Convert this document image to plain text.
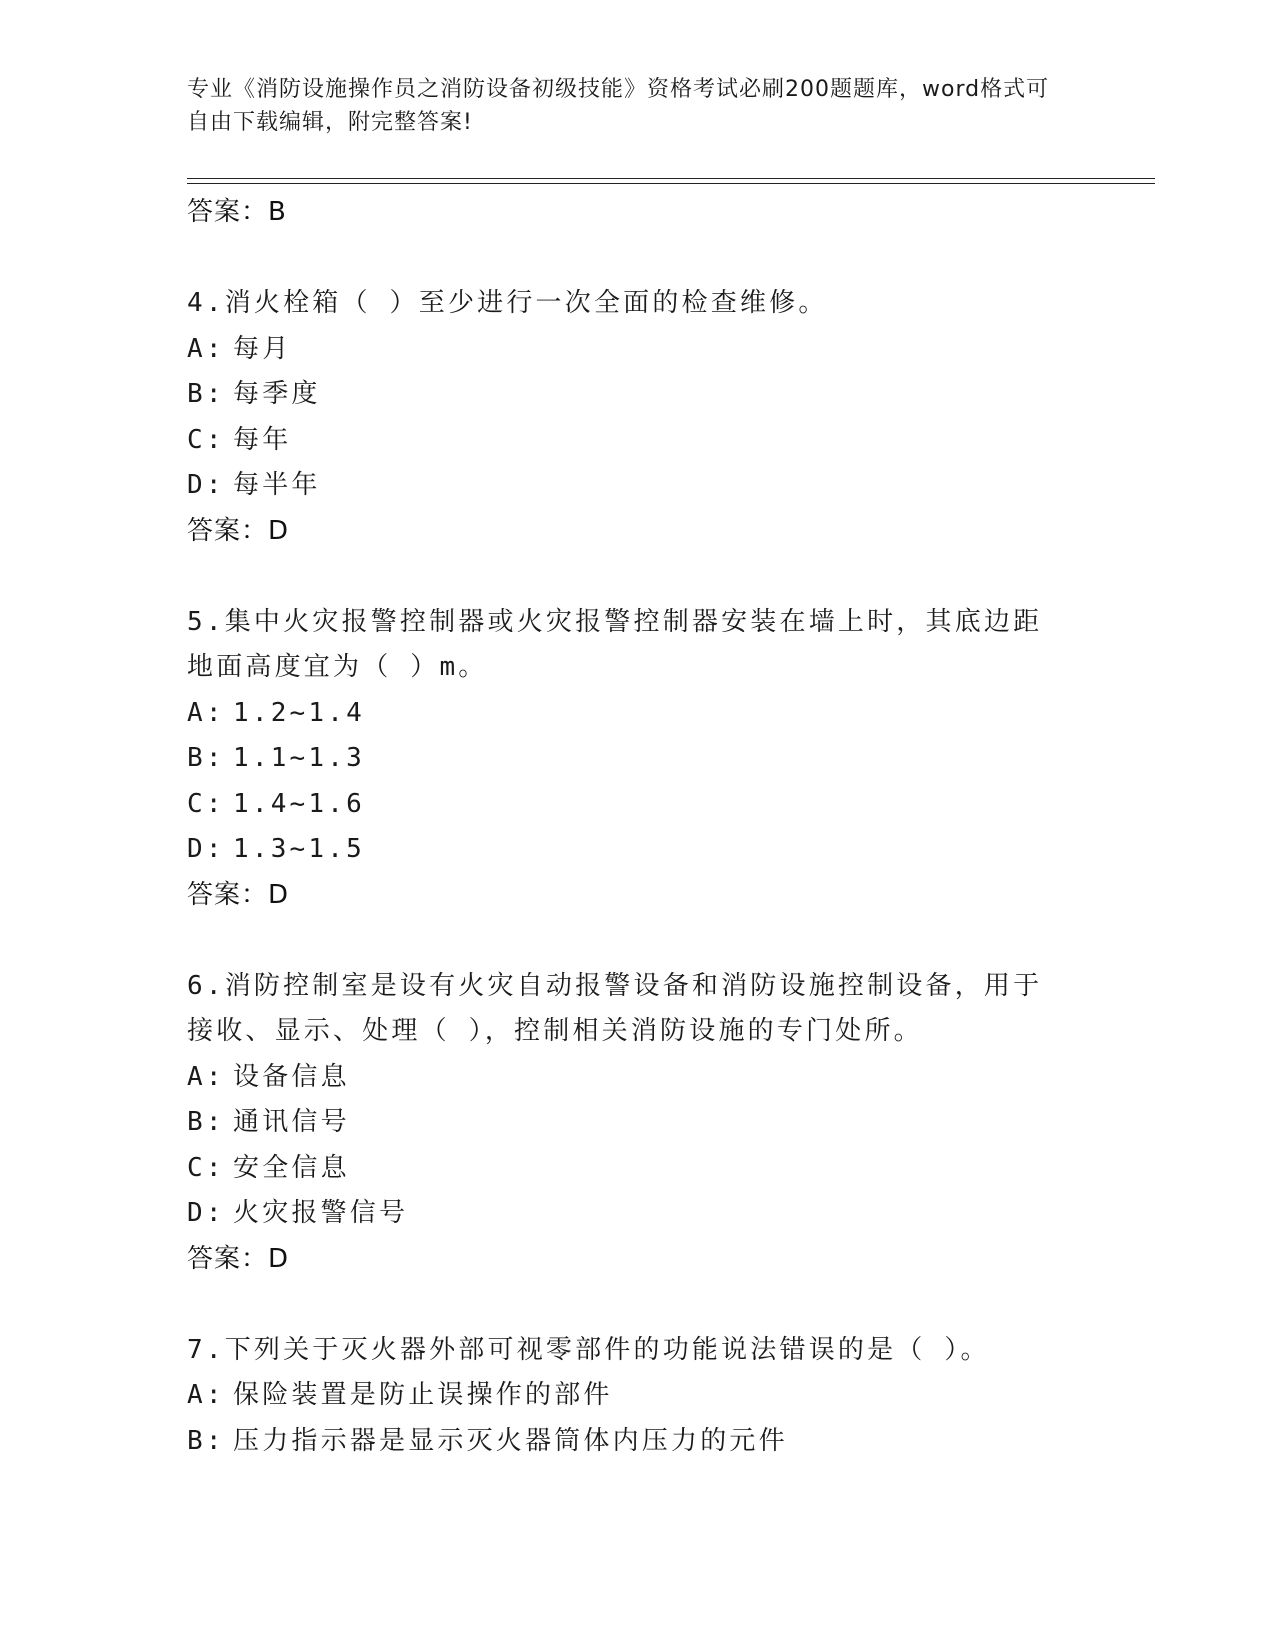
专业《消防设施操作员之消防设备初级技能》资格考试必刷200题题库，word格式可自由下载编辑，附完整答案!
答案：B
4.消火栓箱（ ）至少进行一次全面的检查维修。
A: 每月
B: 每季度
C: 每年
D: 每半年
答案：D
5.集中火灾报警控制器或火灾报警控制器安装在墙上时，其底边距地面高度宜为（ ）m。
A: 1.2~1.4
B: 1.1~1.3
C: 1.4~1.6
D: 1.3~1.5
答案：D
6.消防控制室是设有火灾自动报警设备和消防设施控制设备，用于接收、显示、处理（ ），控制相关消防设施的专门处所。
A: 设备信息
B: 通讯信号
C: 安全信息
D: 火灾报警信号
答案：D
7.下列关于灭火器外部可视零部件的功能说法错误的是（ ）。
A: 保险装置是防止误操作的部件
B: 压力指示器是显示灭火器筒体内压力的元件
